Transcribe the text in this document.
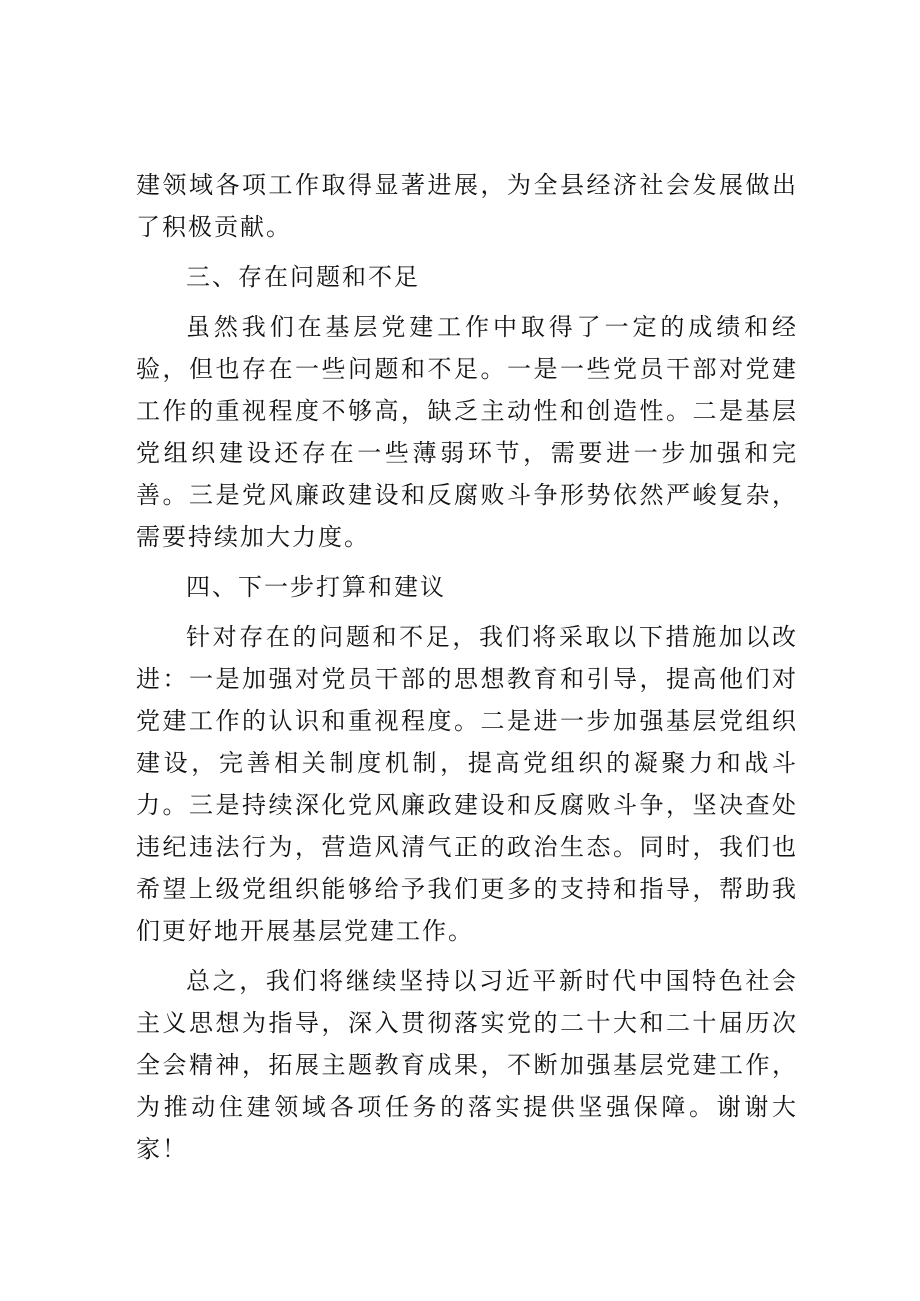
建领域各项工作取得显著进展，为全县经济社会发展做出了积极贡献。

三、存在问题和不足

虽然我们在基层党建工作中取得了一定的成绩和经验，但也存在一些问题和不足。一是一些党员干部对党建工作的重视程度不够高，缺乏主动性和创造性。二是基层党组织建设还存在一些薄弱环节，需要进一步加强和完善。三是党风廉政建设和反腐败斗争形势依然严峻复杂，需要持续加大力度。

四、下一步打算和建议

针对存在的问题和不足，我们将采取以下措施加以改进：一是加强对党员干部的思想教育和引导，提高他们对党建工作的认识和重视程度。二是进一步加强基层党组织建设，完善相关制度机制，提高党组织的凝聚力和战斗力。三是持续深化党风廉政建设和反腐败斗争，坚决查处违纪违法行为，营造风清气正的政治生态。同时，我们也希望上级党组织能够给予我们更多的支持和指导，帮助我们更好地开展基层党建工作。

总之，我们将继续坚持以习近平新时代中国特色社会主义思想为指导，深入贯彻落实党的二十大和二十届历次全会精神，拓展主题教育成果，不断加强基层党建工作，为推动住建领域各项任务的落实提供坚强保障。谢谢大家！
